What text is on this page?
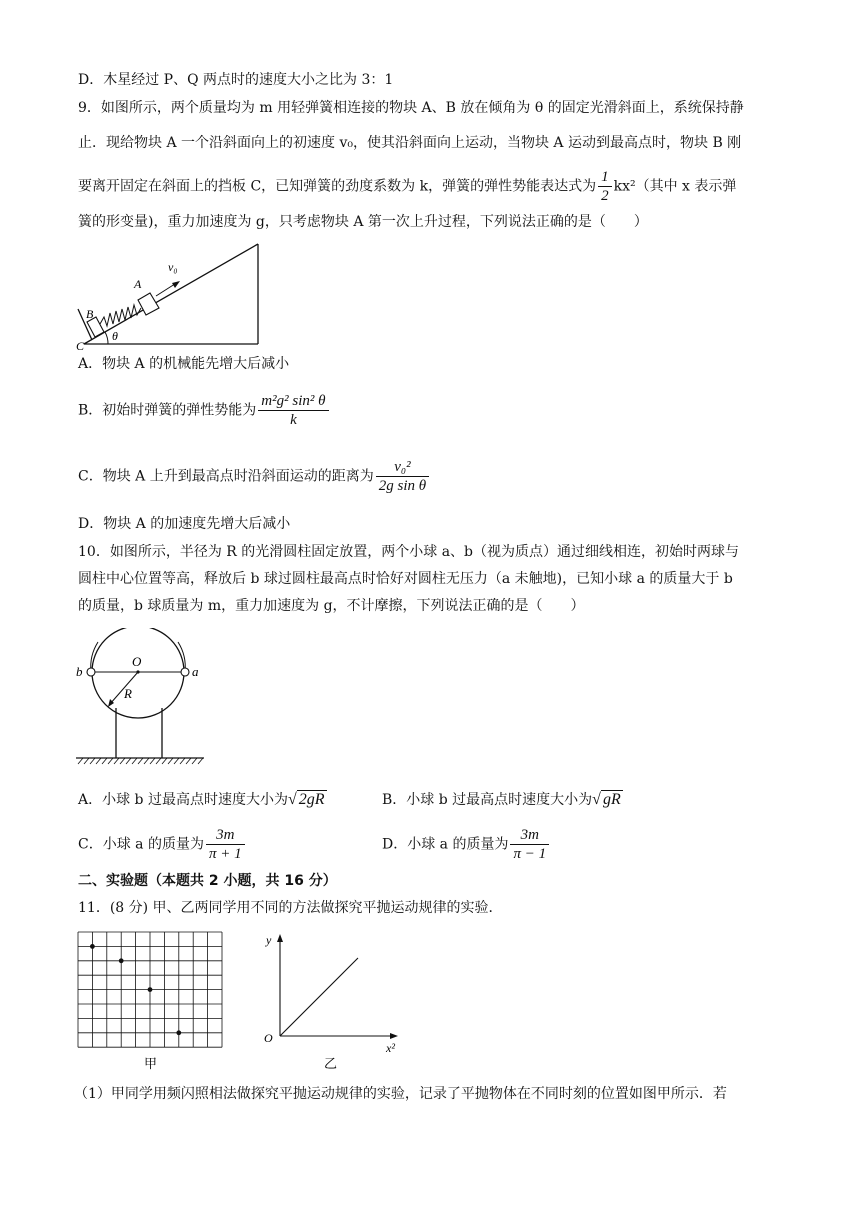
D．木星经过 P、Q 两点时的速度大小之比为 3：1
9．如图所示，两个质量均为 m 用轻弹簧相连接的物块 A、B 放在倾角为 θ 的固定光滑斜面上，系统保持静
止．现给物块 A 一个沿斜面向上的初速度 v₀，使其沿斜面向上运动，当物块 A 运动到最高点时，物块 B 刚
要离开固定在斜面上的挡板 C，已知弹簧的劲度系数为 k，弹簧的弹性势能表达式为 $\frac{1}{2} kx^2$（其中 x 表示弹
簧的形变量)，重力加速度为 g，只考虑物块 A 第一次上升过程，下列说法正确的是（　　）
v₀
A
B
C
θ
A．物块 A 的机械能先增大后减小
B．初始时弹簧的弹性势能为 $\frac{\text{m²g² sin² θ}}{k}$
C．物块 A 上升到最高点时沿斜面运动的距离为 $\frac{\text{v₀²}}{\text{2g sin θ}}$
D．物块 A 的加速度先增大后减小
10．如图所示，半径为 R 的光滑圆柱固定放置，两个小球 a、b（视为质点）通过细线相连，初始时两球与
圆柱中心位置等高，释放后 b 球过圆柱最高点时恰好对圆柱无压力（a 未触地)，已知小球 a 的质量大于 b
的质量，b 球质量为 m，重力加速度为 g，不计摩擦，下列说法正确的是（　　）
O
R
b	a
A．小球 b 过最高点时速度大小为√ 2gR	B．小球 b 过最高点时速度大小为√ gR
C．小球 a 的质量为 $\frac{3m}{\pi + 1}$	D．小球 a 的质量为 $\frac{3m}{\pi - 1}$
二、实验题（本题共 2 小题，共 16 分）
11．(8 分) 甲、乙两同学用不同的方法做探究平抛运动规律的实验．
甲
y
O
x²
乙
（1）甲同学用频闪照相法做探究平抛运动规律的实验，记录了平抛物体在不同时刻的位置如图甲所示．若
